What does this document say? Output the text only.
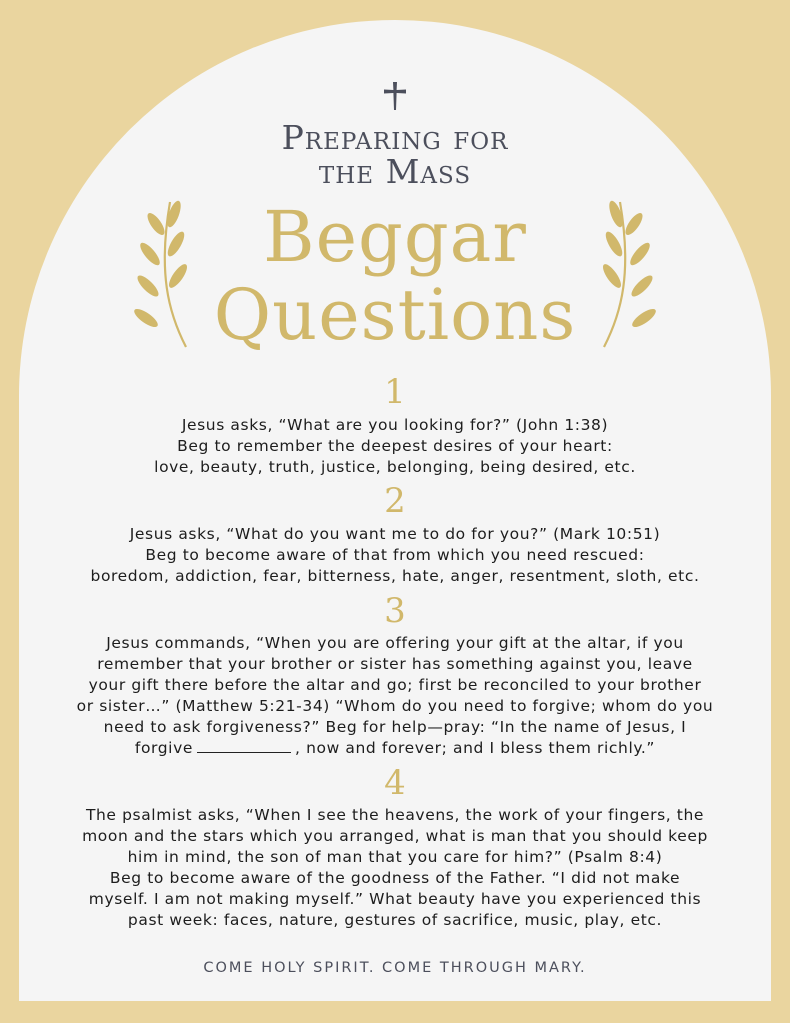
Preparing for
the Mass
Beggar
Questions
1
Jesus asks, “What are you looking for?” (John 1:38)
Beg to remember the deepest desires of your heart:
love, beauty, truth, justice, belonging, being desired, etc.
2
Jesus asks, “What do you want me to do for you?” (Mark 10:51)
Beg to become aware of that from which you need rescued:
boredom, addiction, fear, bitterness, hate, anger, resentment, sloth, etc.
3
Jesus commands, “When you are offering your gift at the altar, if you
remember that your brother or sister has something against you, leave
your gift there before the altar and go; first be reconciled to your brother
or sister…” (Matthew 5:21-34) “Whom do you need to forgive; whom do you
need to ask forgiveness?” Beg for help—pray: “In the name of Jesus, I
forgive	, now and forever; and I bless them richly.”
4
The psalmist asks, “When I see the heavens, the work of your fingers, the
moon and the stars which you arranged, what is man that you should keep
him in mind, the son of man that you care for him?” (Psalm 8:4)
Beg to become aware of the goodness of the Father. “I did not make
myself. I am not making myself.” What beauty have you experienced this
past week: faces, nature, gestures of sacrifice, music, play, etc.
COME HOLY SPIRIT. COME THROUGH MARY.
